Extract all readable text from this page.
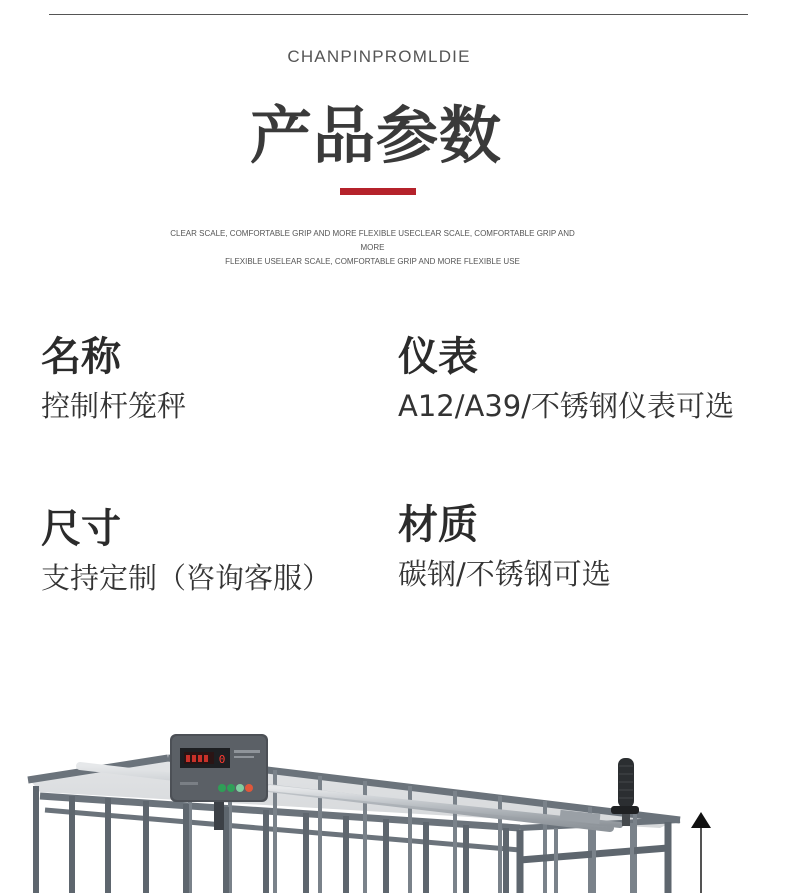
CHANPINPROMLDIE
产品参数
CLEAR SCALE, COMFORTABLE GRIP AND MORE FLEXIBLE USECLEAR SCALE, COMFORTABLE GRIP AND MORE
FLEXIBLE USELEAR SCALE, COMFORTABLE GRIP AND MORE FLEXIBLE USE
名称
控制杆笼秤
仪表
A12/A39/不锈钢仪表可选
尺寸
支持定制（咨询客服）
材质
碳钢/不锈钢可选
0
